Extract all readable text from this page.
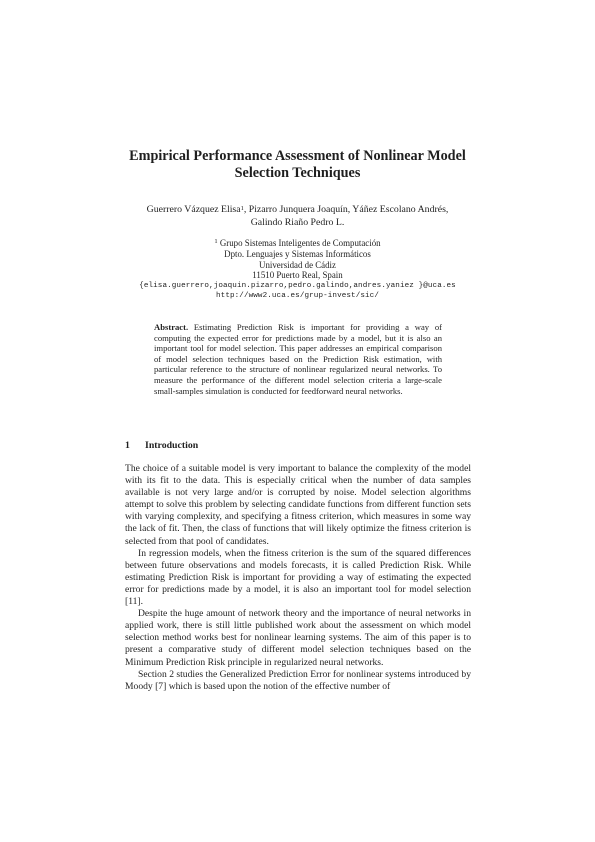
Empirical Performance Assessment of Nonlinear Model
Selection Techniques
Guerrero Vázquez Elisa$^1$, Pizarro Junquera Joaquín, Yáñez Escolano Andrés,
Galindo Riaño Pedro L.
$^1$ Grupo Sistemas Inteligentes de Computación
Dpto. Lenguajes y Sistemas Informáticos
Universidad de Cádiz
11510 Puerto Real, Spain
{elisa.guerrero,joaquin.pizarro,pedro.galindo,andres.yaniez }@uca.es
http://www2.uca.es/grup-invest/sic/
Abstract. Estimating Prediction Risk is important for providing a way of computing the expected error for predictions made by a model, but it is also an important tool for model selection. This paper addresses an empirical comparison of model selection techniques based on the Prediction Risk estimation, with particular reference to the structure of nonlinear regularized neural networks. To measure the performance of the different model selection criteria a large-scale small-samples simulation is conducted for feedforward neural networks.
1 Introduction

The choice of a suitable model is very important to balance the complexity of the model with its fit to the data. This is especially critical when the number of data samples available is not very large and/or is corrupted by noise. Model selection algorithms attempt to solve this problem by selecting candidate functions from different function sets with varying complexity, and specifying a fitness criterion, which measures in some way the lack of fit. Then, the class of functions that will likely optimize the fitness criterion is selected from that pool of candidates.

In regression models, when the fitness criterion is the sum of the squared differences between future observations and models forecasts, it is called Prediction Risk. While estimating Prediction Risk is important for providing a way of estimating the expected error for predictions made by a model, it is also an important tool for model selection [11].

Despite the huge amount of network theory and the importance of neural networks in applied work, there is still little published work about the assessment on which model selection method works best for nonlinear learning systems. The aim of this paper is to present a comparative study of different model selection techniques based on the Minimum Prediction Risk principle in regularized neural networks.

Section 2 studies the Generalized Prediction Error for nonlinear systems introduced by Moody [7] which is based upon the notion of the effective number of
